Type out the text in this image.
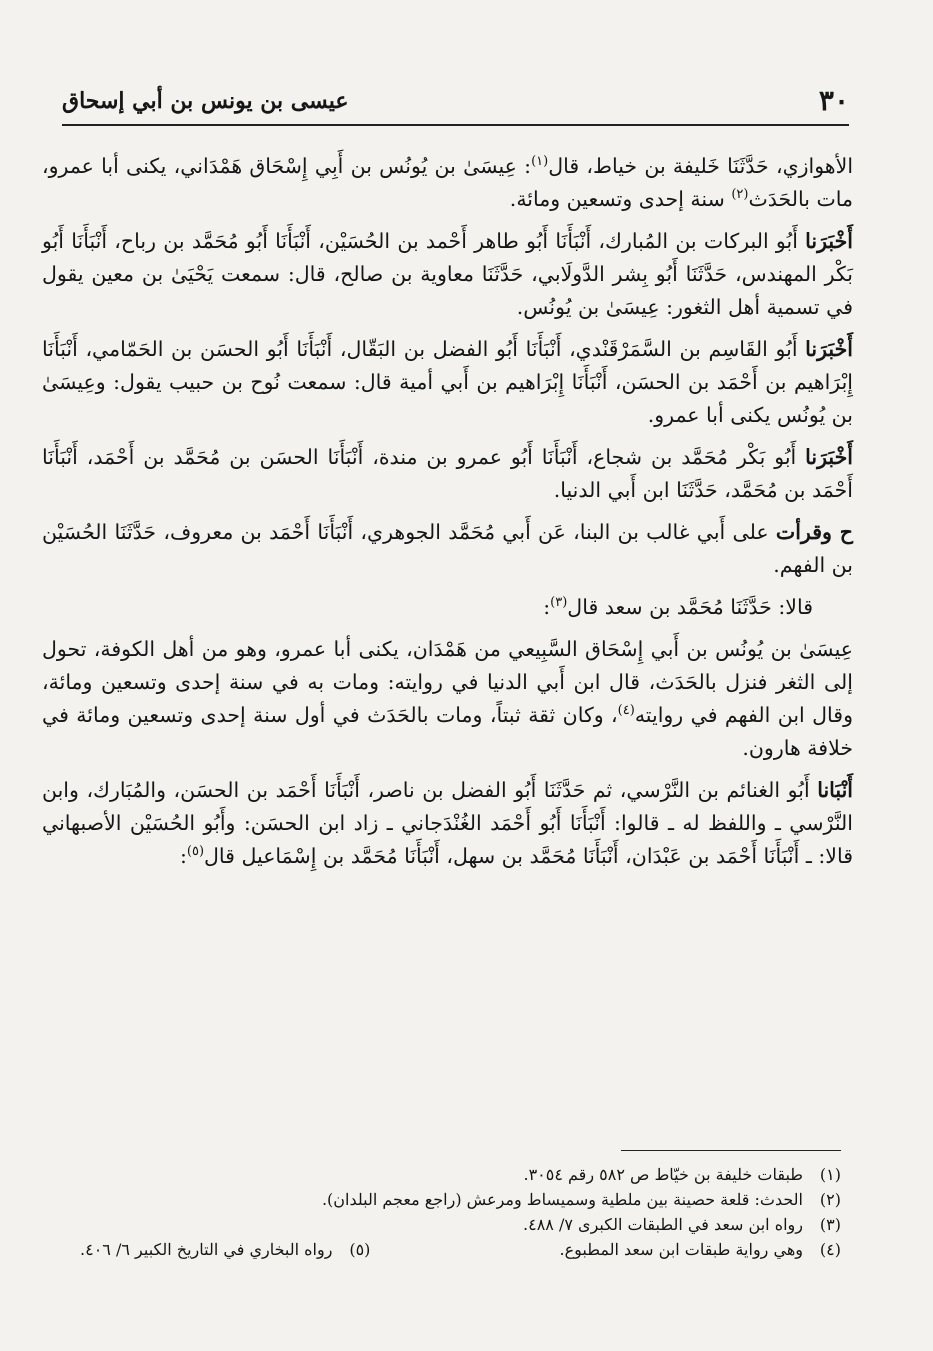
٣٠
عيسى بن يونس بن أبي إسحاق

الأهوازي، حَدَّثَنَا خَليفة بن خياط، قال$^{(١)}$: عِيسَىٰ بن يُونُس بن أَبِي إِسْحَاق هَمْدَاني، يكنى أبا عمرو، مات بالحَدَث$^{(٢)}$ سنة إحدى وتسعين ومائة.

أَخْبَرَنا أَبُو البركات بن المُبارك، أَنْبَأَنَا أَبُو طاهر أَحْمد بن الحُسَيْن، أَنْبَأَنَا أَبُو مُحَمَّد بن رباح، أَنْبَأَنَا أَبُو بَكْر المهندس، حَدَّثَنَا أَبُو بِشر الدَّولَابي، حَدَّثَنَا معاوية بن صالح، قال: سمعت يَحْيَىٰ بن معين يقول في تسمية أهل الثغور: عِيسَىٰ بن يُونُس.

أَخْبَرَنا أَبُو القَاسِم بن السَّمَرْقَنْدي، أَنْبَأَنَا أَبُو الفضل بن البَقّال، أَنْبَأَنَا أَبُو الحسَن بن الحَمّامي، أَنْبَأَنَا إِبْرَاهيم بن أَحْمَد بن الحسَن، أَنْبَأَنَا إِبْرَاهيم بن أَبي أمية قال: سمعت نُوح بن حبيب يقول: وعِيسَىٰ بن يُونُس يكنى أبا عمرو.

أَخْبَرَنا أَبُو بَكْر مُحَمَّد بن شجاع، أَنْبَأَنَا أَبُو عمرو بن مندة، أَنْبَأَنَا الحسَن بن مُحَمَّد بن أَحْمَد، أَنْبَأَنَا أَحْمَد بن مُحَمَّد، حَدَّثَنَا ابن أَبي الدنيا.

ح وقرأت على أَبي غالب بن البنا، عَن أَبي مُحَمَّد الجوهري، أَنْبَأَنَا أَحْمَد بن معروف، حَدَّثَنَا الحُسَيْن بن الفهم.

قالا: حَدَّثَنَا مُحَمَّد بن سعد قال$^{(٣)}$:

عِيسَىٰ بن يُونُس بن أَبي إِسْحَاق السَّبِيعي من هَمْدَان، يكنى أبا عمرو، وهو من أهل الكوفة، تحول إلى الثغر فنزل بالحَدَث، قال ابن أَبي الدنيا في روايته: ومات به في سنة إحدى وتسعين ومائة، وقال ابن الفهم في روايته$^{(٤)}$، وكان ثقة ثبتاً، ومات بالحَدَث في أول سنة إحدى وتسعين ومائة في خلافة هارون.

أَنْبَانا أَبُو الغنائم بن النَّرْسي، ثم حَدَّثَنَا أَبُو الفضل بن ناصر، أَنْبَأَنَا أَحْمَد بن الحسَن، والمُبَارك، وابن النَّرْسي ـ واللفظ له ـ قالوا: أَنْبَأَنَا أَبُو أَحْمَد الغُنْدَجاني ـ زاد ابن الحسَن: وأَبُو الحُسَيْن الأصبهاني قالا: ـ أَنْبَأَنَا أَحْمَد بن عَبْدَان، أَنْبَأَنَا مُحَمَّد بن سهل، أَنْبَأَنَا مُحَمَّد بن إِسْمَاعيل قال$^{(٥)}$:

(١)
طبقات خليفة بن خيّاط ص ٥٨٢ رقم ٣٠٥٤.
(٢)
الحدث: قلعة حصينة بين ملطية وسميساط ومرعش (راجع معجم البلدان).
(٣)
رواه ابن سعد في الطبقات الكبرى ٧/ ٤٨٨.
(٤)
وهي رواية طبقات ابن سعد المطبوع.
(٥)
رواه البخاري في التاريخ الكبير ٦/ ٤٠٦.
